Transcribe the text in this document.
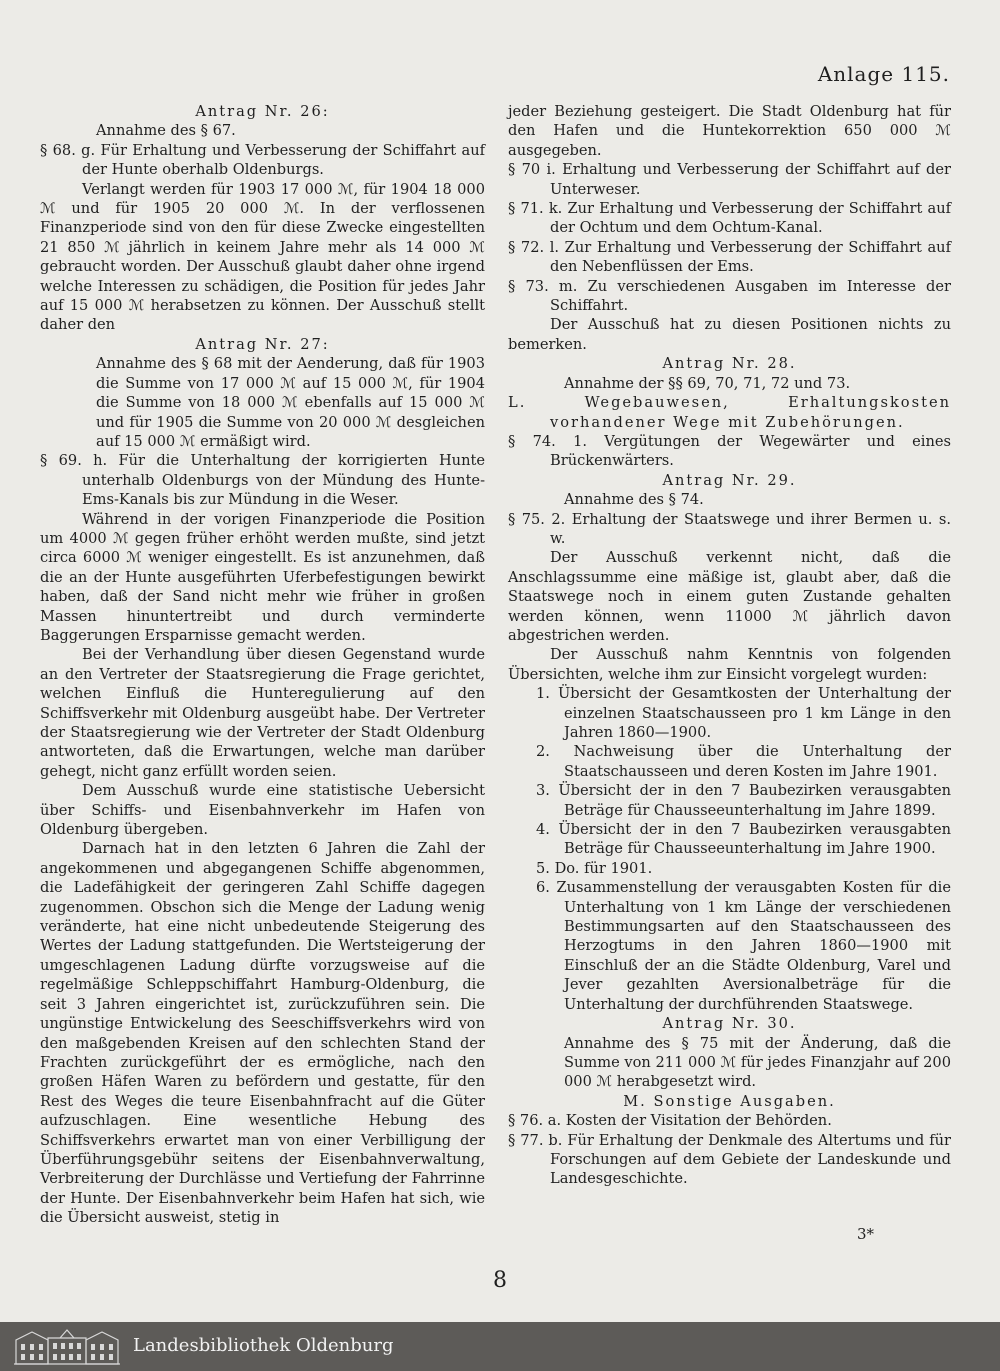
Anlage 115.

Antrag Nr. 26:

Annahme des § 67.

§ 68. g. Für Erhaltung und Verbesserung der Schiffahrt auf der Hunte oberhalb Oldenburgs.

Verlangt werden für 1903 17 000 ℳ, für 1904 18 000 ℳ und für 1905 20 000 ℳ. In der verflossenen Finanzperiode sind von den für diese Zwecke eingestellten 21 850 ℳ jährlich in keinem Jahre mehr als 14 000 ℳ gebraucht worden. Der Ausschuß glaubt daher ohne irgend welche Interessen zu schädigen, die Position für jedes Jahr auf 15 000 ℳ herabsetzen zu können. Der Ausschuß stellt daher den

Antrag Nr. 27:

Annahme des § 68 mit der Aenderung, daß für 1903 die Summe von 17 000 ℳ auf 15 000 ℳ, für 1904 die Summe von 18 000 ℳ ebenfalls auf 15 000 ℳ und für 1905 die Summe von 20 000 ℳ desgleichen auf 15 000 ℳ ermäßigt wird.

§ 69. h. Für die Unterhaltung der korrigierten Hunte unterhalb Oldenburgs von der Mündung des Hunte-Ems-Kanals bis zur Mündung in die Weser.

Während in der vorigen Finanzperiode die Position um 4000 ℳ gegen früher erhöht werden mußte, sind jetzt circa 6000 ℳ weniger eingestellt. Es ist anzunehmen, daß die an der Hunte ausgeführten Uferbefestigungen bewirkt haben, daß der Sand nicht mehr wie früher in großen Massen hinuntertreibt und durch verminderte Baggerungen Ersparnisse gemacht werden.

Bei der Verhandlung über diesen Gegenstand wurde an den Vertreter der Staatsregierung die Frage gerichtet, welchen Einfluß die Hunteregulierung auf den Schiffsverkehr mit Oldenburg ausgeübt habe. Der Vertreter der Staatsregierung wie der Vertreter der Stadt Oldenburg antworteten, daß die Erwartungen, welche man darüber gehegt, nicht ganz erfüllt worden seien.

Dem Ausschuß wurde eine statistische Uebersicht über Schiffs- und Eisenbahnverkehr im Hafen von Oldenburg übergeben.

Darnach hat in den letzten 6 Jahren die Zahl der angekommenen und abgegangenen Schiffe abgenommen, die Ladefähigkeit der geringeren Zahl Schiffe dagegen zugenommen. Obschon sich die Menge der Ladung wenig veränderte, hat eine nicht unbedeutende Steigerung des Wertes der Ladung stattgefunden. Die Wertsteigerung der umgeschlagenen Ladung dürfte vorzugsweise auf die regelmäßige Schleppschiffahrt Hamburg-Oldenburg, die seit 3 Jahren eingerichtet ist, zurückzuführen sein. Die ungünstige Entwickelung des Seeschiffsverkehrs wird von den maßgebenden Kreisen auf den schlechten Stand der Frachten zurückgeführt der es ermögliche, nach den großen Häfen Waren zu befördern und gestatte, für den Rest des Weges die teure Eisenbahnfracht auf die Güter aufzuschlagen. Eine wesentliche Hebung des Schiffsverkehrs erwartet man von einer Verbilligung der Überführungsgebühr seitens der Eisenbahnverwaltung, Verbreiterung der Durchlässe und Vertiefung der Fahrrinne der Hunte. Der Eisenbahnverkehr beim Hafen hat sich, wie die Übersicht ausweist, stetig in

jeder Beziehung gesteigert. Die Stadt Oldenburg hat für den Hafen und die Huntekorrektion 650 000 ℳ ausgegeben.

§ 70 i. Erhaltung und Verbesserung der Schiffahrt auf der Unterweser.

§ 71. k. Zur Erhaltung und Verbesserung der Schiffahrt auf der Ochtum und dem Ochtum-Kanal.

§ 72. l. Zur Erhaltung und Verbesserung der Schiffahrt auf den Nebenflüssen der Ems.

§ 73. m. Zu verschiedenen Ausgaben im Interesse der Schiffahrt.

Der Ausschuß hat zu diesen Positionen nichts zu bemerken.

Antrag Nr. 28.

Annahme der §§ 69, 70, 71, 72 und 73.

L. Wegebauwesen, Erhaltungskosten vorhandener Wege mit Zubehörungen.

§ 74. 1. Vergütungen der Wegewärter und eines Brückenwärters.

Antrag Nr. 29.

Annahme des § 74.

§ 75. 2. Erhaltung der Staatswege und ihrer Bermen u. s. w.

Der Ausschuß verkennt nicht, daß die Anschlagssumme eine mäßige ist, glaubt aber, daß die Staatswege noch in einem guten Zustande gehalten werden können, wenn 11000 ℳ jährlich davon abgestrichen werden.

Der Ausschuß nahm Kenntnis von folgenden Übersichten, welche ihm zur Einsicht vorgelegt wurden:

1. Übersicht der Gesamtkosten der Unterhaltung der einzelnen Staatschausseen pro 1 km Länge in den Jahren 1860—1900.

2. Nachweisung über die Unterhaltung der Staatschausseen und deren Kosten im Jahre 1901.

3. Übersicht der in den 7 Baubezirken verausgabten Beträge für Chausseeunterhaltung im Jahre 1899.

4. Übersicht der in den 7 Baubezirken verausgabten Beträge für Chausseeunterhaltung im Jahre 1900.

5. Do. für 1901.

6. Zusammenstellung der verausgabten Kosten für die Unterhaltung von 1 km Länge der verschiedenen Bestimmungsarten auf den Staatschausseen des Herzogtums in den Jahren 1860—1900 mit Einschluß der an die Städte Oldenburg, Varel und Jever gezahlten Aversionalbeträge für die Unterhaltung der durchführenden Staatswege.

Antrag Nr. 30.

Annahme des § 75 mit der Änderung, daß die Summe von 211 000 ℳ für jedes Finanzjahr auf 200 000 ℳ herabgesetzt wird.

M. Sonstige Ausgaben.

§ 76. a. Kosten der Visitation der Behörden.

§ 77. b. Für Erhaltung der Denkmale des Altertums und für Forschungen auf dem Gebiete der Landeskunde und Landesgeschichte.

3*
8
Landesbibliothek Oldenburg
